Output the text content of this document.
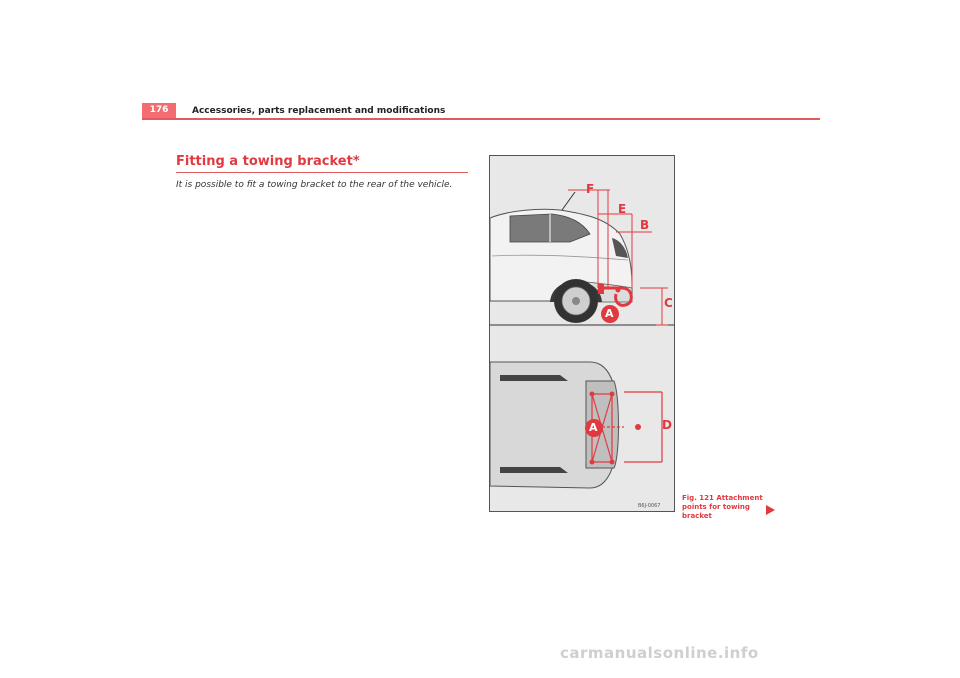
176	Accessories, parts replacement and modifications
Fitting a towing bracket*
It is possible to fit a towing bracket to the rear of the vehicle.	F
E
B
C
A
D
A
B6J-0067
Fig. 121 Attachment
points for towing bracket
carmanualsonline.info
